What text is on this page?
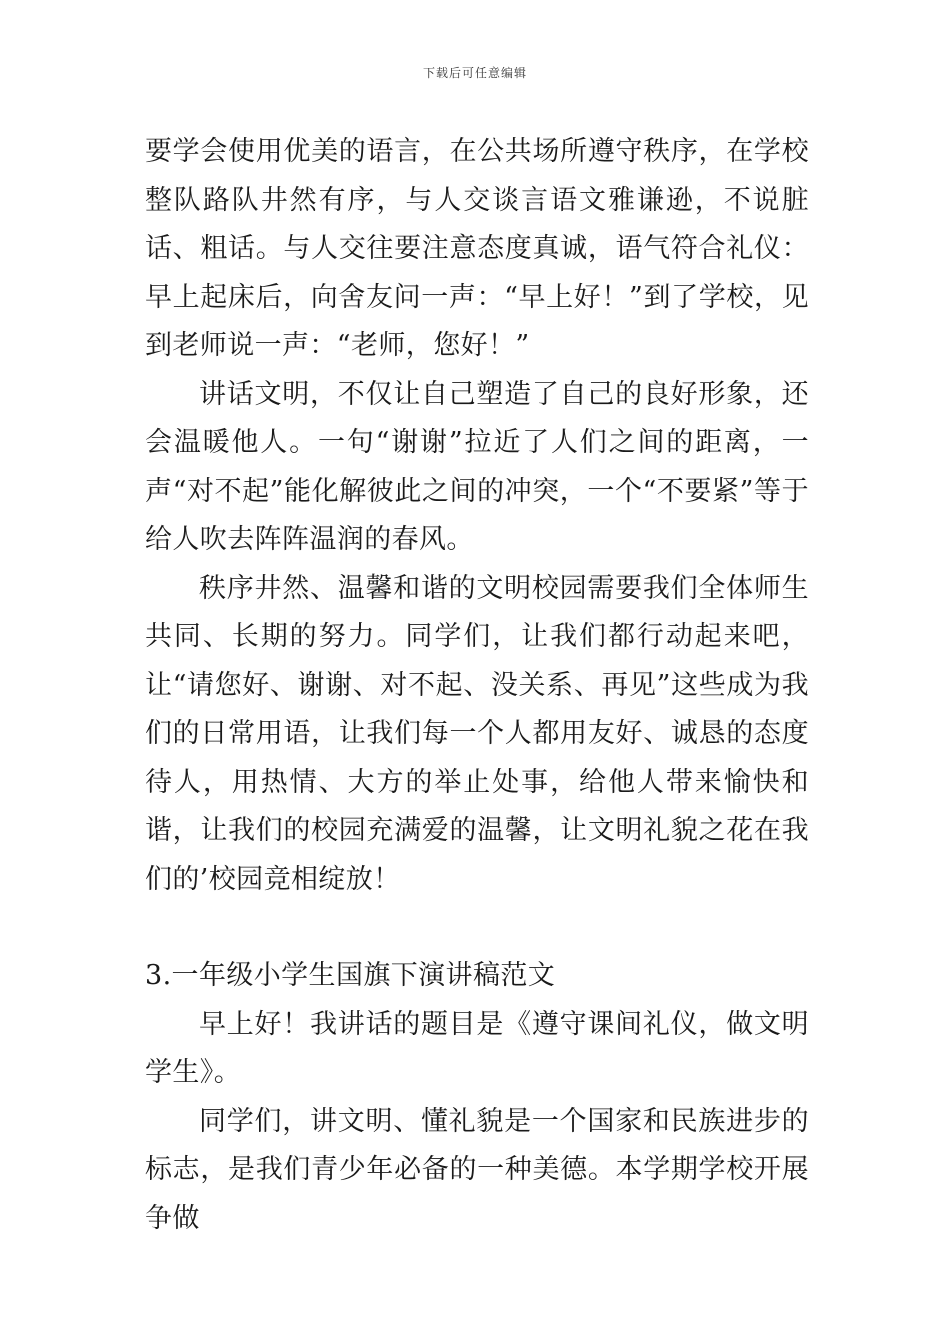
下载后可任意编辑

要学会使用优美的语言，在公共场所遵守秩序，在学校整队路队井然有序，与人交谈言语文雅谦逊，不说脏话、粗话。与人交往要注意态度真诚，语气符合礼仪：早上起床后，向舍友问一声：“早上好！”到了学校，见到老师说一声：“老师，您好！”

讲话文明，不仅让自己塑造了自己的良好形象，还会温暖他人。一句“谢谢”拉近了人们之间的距离，一声“对不起”能化解彼此之间的冲突，一个“不要紧”等于给人吹去阵阵温润的春风。

秩序井然、温馨和谐的文明校园需要我们全体师生共同、长期的努力。同学们，让我们都行动起来吧，让“请您好、谢谢、对不起、没关系、再见”这些成为我们的日常用语，让我们每一个人都用友好、诚恳的态度待人，用热情、大方的举止处事，给他人带来愉快和谐，让我们的校园充满爱的温馨，让文明礼貌之花在我们的’校园竞相绽放！

3.一年级小学生国旗下演讲稿范文

早上好！我讲话的题目是《遵守课间礼仪，做文明学生》。

同学们，讲文明、懂礼貌是一个国家和民族进步的标志，是我们青少年必备的一种美德。本学期学校开展争做
